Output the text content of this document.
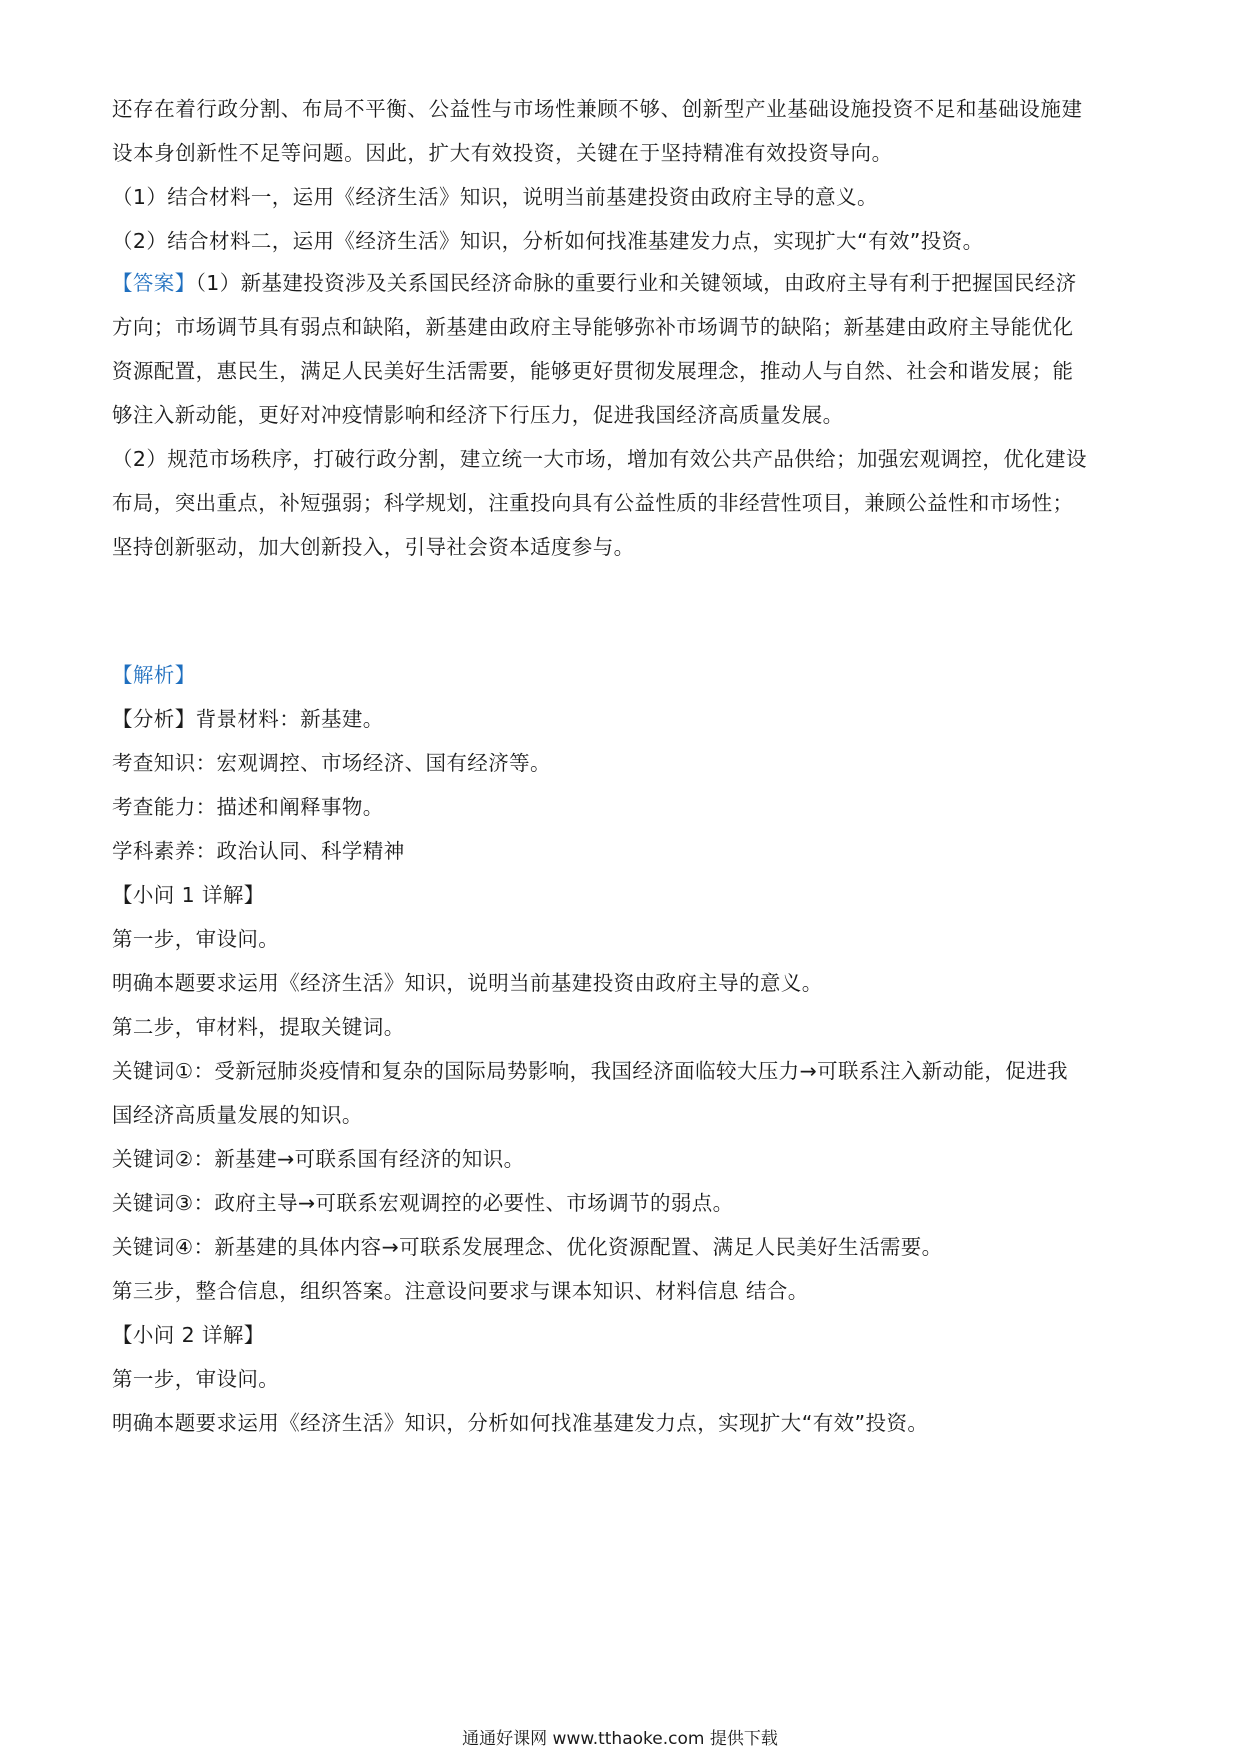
还存在着行政分割、布局不平衡、公益性与市场性兼顾不够、创新型产业基础设施投资不足和基础设施建
设本身创新性不足等问题。因此，扩大有效投资，关键在于坚持精准有效投资导向。
（1）结合材料一，运用《经济生活》知识，说明当前基建投资由政府主导的意义。
（2）结合材料二，运用《经济生活》知识，分析如何找准基建发力点，实现扩大“有效”投资。
【答案】（1）新基建投资涉及关系国民经济命脉的重要行业和关键领域，由政府主导有利于把握国民经济
方向；市场调节具有弱点和缺陷，新基建由政府主导能够弥补市场调节的缺陷；新基建由政府主导能优化
资源配置，惠民生，满足人民美好生活需要，能够更好贯彻发展理念，推动人与自然、社会和谐发展；能
够注入新动能，更好对冲疫情影响和经济下行压力，促进我国经济高质量发展。
（2）规范市场秩序，打破行政分割，建立统一大市场，增加有效公共产品供给；加强宏观调控，优化建设
布局，突出重点，补短强弱；科学规划，注重投向具有公益性质的非经营性项目，兼顾公益性和市场性；
坚持创新驱动，加大创新投入，引导社会资本适度参与。
【解析】
【分析】背景材料：新基建。
考查知识：宏观调控、市场经济、国有经济等。
考查能力：描述和阐释事物。
学科素养：政治认同、科学精神
【小问 1 详解】
第一步，审设问。
明确本题要求运用《经济生活》知识，说明当前基建投资由政府主导的意义。
第二步，审材料，提取关键词。
关键词①：受新冠肺炎疫情和复杂的国际局势影响，我国经济面临较大压力→可联系注入新动能，促进我
国经济高质量发展的知识。
关键词②：新基建→可联系国有经济的知识。
关键词③：政府主导→可联系宏观调控的必要性、市场调节的弱点。
关键词④：新基建的具体内容→可联系发展理念、优化资源配置、满足人民美好生活需要。
第三步，整合信息，组织答案。注意设问要求与课本知识、材料信息 结合。
【小问 2 详解】
第一步，审设问。
明确本题要求运用《经济生活》知识，分析如何找准基建发力点，实现扩大“有效”投资。
通通好课网 www.tthaoke.com 提供下载
